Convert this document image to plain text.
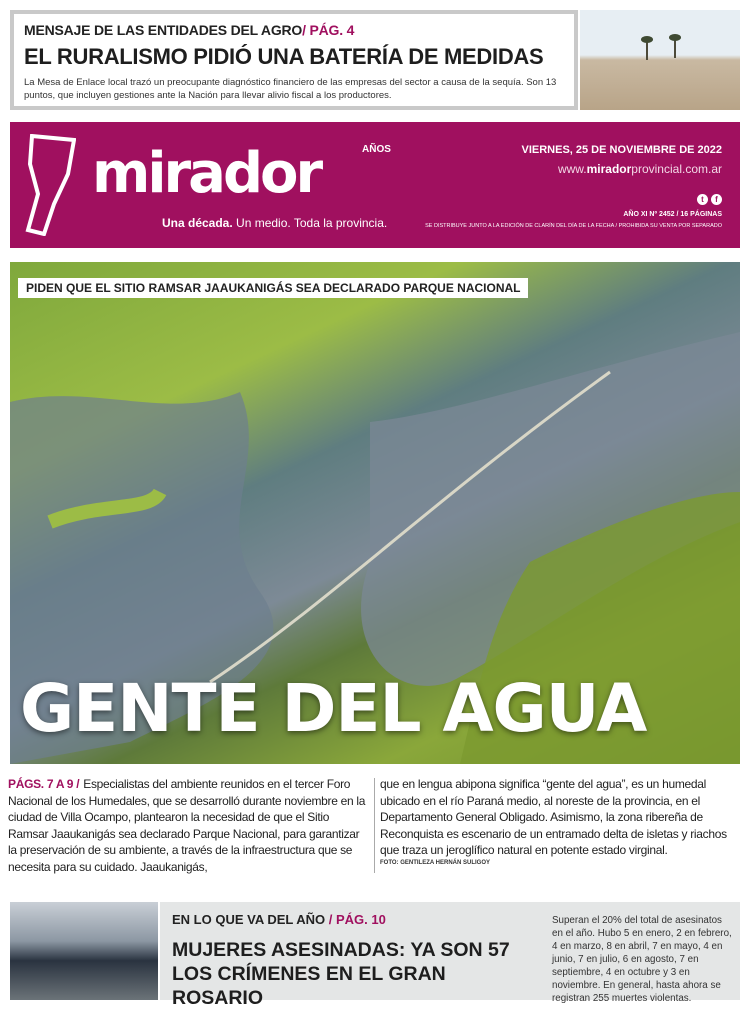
MENSAJE DE LAS ENTIDADES DEL AGRO/ PÁG. 4
EL RURALISMO PIDIÓ UNA BATERÍA DE MEDIDAS
La Mesa de Enlace local trazó un preocupante diagnóstico financiero de las empresas del sector a causa de la sequía. Son 13 puntos, que incluyen gestiones ante la Nación para llevar alivio fiscal a los productores.
mirador	AÑOS
Una década. Un medio. Toda la provincia.
VIERNES, 25 DE NOVIEMBRE DE 2022
www.miradorprovincial.com.ar
t	f
AÑO XI Nº 2452 / 16 PÁGINAS
SE DISTRIBUYE JUNTO A LA EDICIÓN DE CLARÍN DEL DÍA DE LA FECHA / PROHIBIDA SU VENTA POR SEPARADO
PIDEN QUE EL SITIO RAMSAR JAAUKANIGÁS SEA DECLARADO PARQUE NACIONAL
GENTE DEL AGUA
PÁGS. 7 A 9 / Especialistas del ambiente reunidos en el tercer Foro Nacional de los Humedales, que se desarrolló durante noviembre en la ciudad de Villa Ocampo, plantearon la necesidad de que el Sitio Ramsar Jaaukanigás sea declarado Parque Nacional, para garantizar la preservación de su ambiente, a través de la infraestructura que se necesita para su cuidado. Jaaukanigás,
que en lengua abipona significa “gente del agua”, es un humedal ubicado en el río Paraná medio, al noreste de la provincia, en el Departamento General Obligado. Asimismo, la zona ribereña de Reconquista es escenario de un entramado delta de isletas y riachos que traza un jeroglífico natural en potente estado virginal.
FOTO: GENTILEZA HERNÁN SULIGOY
EN LO QUE VA DEL AÑO / PÁG. 10
MUJERES ASESINADAS: YA SON 57 LOS CRÍMENES EN EL GRAN ROSARIO
Superan el 20% del total de asesinatos en el año. Hubo 5 en enero, 2 en febrero, 4 en marzo, 8 en abril, 7 en mayo, 4 en junio, 7 en julio, 6 en agosto, 7 en septiembre, 4 en octubre y 3 en noviembre. En general, hasta ahora se registran 255 muertes violentas.
